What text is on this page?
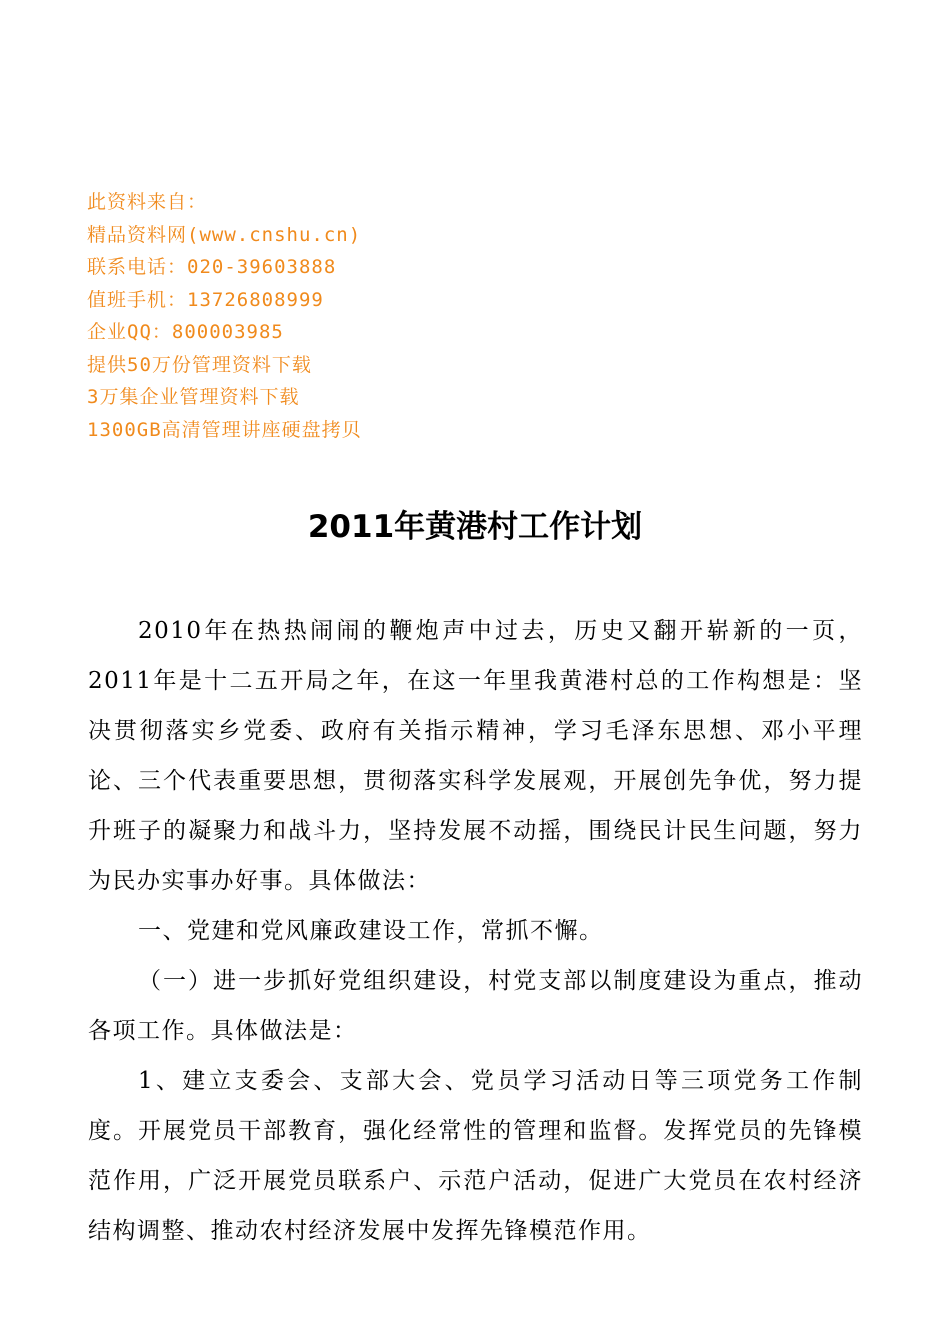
此资料来自：
精品资料网(www.cnshu.cn)
联系电话：020-39603888
值班手机：13726808999
企业QQ：800003985
提供50万份管理资料下载
3万集企业管理资料下载
1300GB高清管理讲座硬盘拷贝
2011年黄港村工作计划

2010年在热热闹闹的鞭炮声中过去，历史又翻开崭新的一页，2011年是十二五开局之年，在这一年里我黄港村总的工作构想是：坚决贯彻落实乡党委、政府有关指示精神，学习毛泽东思想、邓小平理论、三个代表重要思想，贯彻落实科学发展观，开展创先争优，努力提升班子的凝聚力和战斗力，坚持发展不动摇，围绕民计民生问题，努力为民办实事办好事。具体做法：

一、党建和党风廉政建设工作，常抓不懈。

（一）进一步抓好党组织建设，村党支部以制度建设为重点，推动各项工作。具体做法是：

1、建立支委会、支部大会、党员学习活动日等三项党务工作制度。开展党员干部教育，强化经常性的管理和监督。发挥党员的先锋模范作用，广泛开展党员联系户、示范户活动，促进广大党员在农村经济结构调整、推动农村经济发展中发挥先锋模范作用。
